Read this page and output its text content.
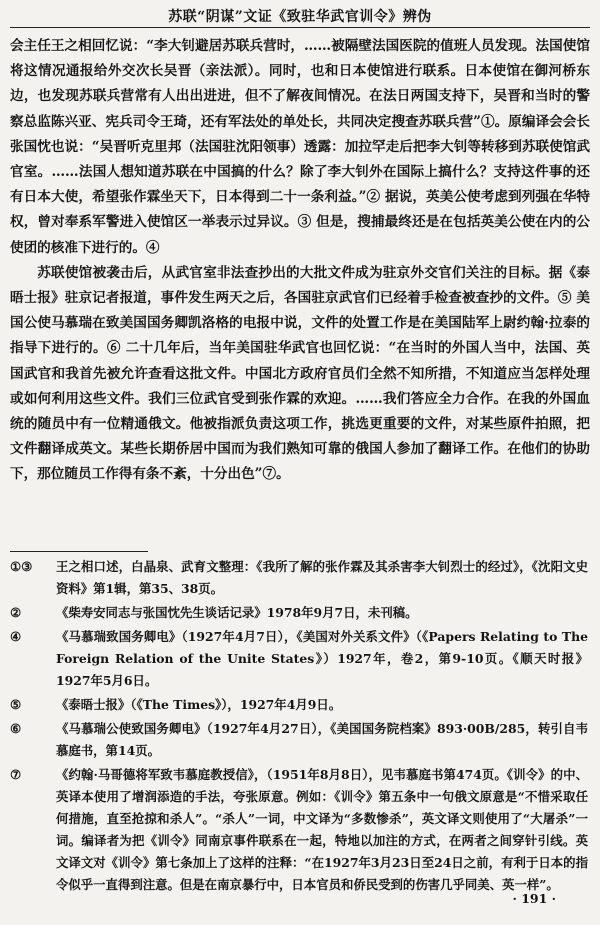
苏联“阴谋”文证《致驻华武官训令》辨伪

会主任王之相回忆说：“李大钊避居苏联兵营时，……被隔壁法国医院的值班人员发现。法国使馆将这情况通报给外交次长吴晋（亲法派）。同时，也和日本使馆进行联系。日本使馆在御河桥东边，也发现苏联兵营常有人出出进进，但不了解夜间情况。在法日两国支持下，吴晋和当时的警察总监陈兴亚、宪兵司令王琦，还有军法处的单处长，共同决定搜查苏联兵营”①。原编译会会长张国忱也说：“吴晋听克里邦（法国驻沈阳领事）透露：加拉罕走后把李大钊等转移到苏联使馆武官室。……法国人想知道苏联在中国搞的什么？除了李大钊外在国际上搞什么？支持这件事的还有日本大使，希望张作霖坐天下，日本得到二十一条利益。”② 据说，英美公使考虑到列强在华特权，曾对奉系军警进入使馆区一举表示过异议。③ 但是，搜捕最终还是在包括英美公使在内的公使团的核准下进行的。④

苏联使馆被袭击后，从武官室非法查抄出的大批文件成为驻京外交官们关注的目标。据《泰晤士报》驻京记者报道，事件发生两天之后，各国驻京武官们已经着手检查被查抄的文件。⑤ 美国公使马慕瑞在致美国国务卿凯洛格的电报中说，文件的处置工作是在美国陆军上尉约翰·拉泰的指导下进行的。⑥ 二十几年后，当年美国驻华武官也回忆说：“在当时的外国人当中，法国、英国武官和我首先被允许查看这批文件。中国北方政府官员们全然不知所措，不知道应当怎样处理或如何利用这些文件。我们三位武官受到张作霖的欢迎。……我们答应全力合作。在我的外国血统的随员中有一位精通俄文。他被指派负责这项工作，挑选更重要的文件，对某些原件拍照，把文件翻译成英文。某些长期侨居中国而为我们熟知可靠的俄国人参加了翻译工作。在他们的协助下，那位随员工作得有条不紊，十分出色”⑦。

①③	王之相口述，白晶泉、武育文整理：《我所了解的张作霖及其杀害李大钊烈士的经过》，《沈阳文史资料》第1辑，第35、38页。
②	《柴寿安同志与张国忱先生谈话记录》1978年9月7日，未刊稿。
④	《马慕瑞致国务卿电》（1927年4月7日），《美国对外关系文件》（《Papers Relating to The Foreign Relation of the Unite States》）1927年，卷2，第9-10页。《顺天时报》1927年5月6日。
⑤	《泰晤士报》（《The Times》），1927年4月9日。
⑥	《马慕瑞公使致国务卿电》（1927年4月27日），《美国国务院档案》893·00B/285，转引自韦慕庭书，第14页。
⑦	《约翰·马哥德将军致韦慕庭教授信》，（1951年8月8日），见韦慕庭书第474页。《训令》的中、英译本使用了增润添造的手法，夸张原意。例如：《训令》第五条中一句俄文原意是“不惜采取任何措施，直至抢掠和杀人”。“杀人”一词，中文译为“多数惨杀”，英文译文则使用了“大屠杀”一词。编译者为把《训令》同南京事件联系在一起，特地以加注的方式，在两者之间穿针引线。英文译文对《训令》第七条加上了这样的注释：“在1927年3月23日至24日之前，有利于日本的指令似乎一直得到注意。但是在南京暴行中，日本官员和侨民受到的伤害几乎同美、英一样”。
· 191 ·
